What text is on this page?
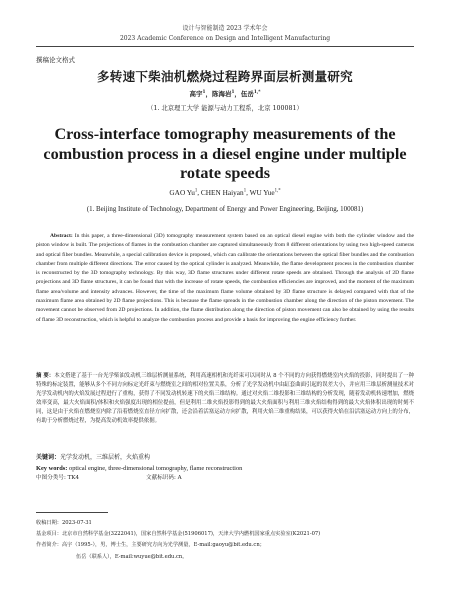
设计与智能制造 2023 学术年会
2023 Academic Conference on Design and Intelligent Manufacturing
撰稿论文格式
多转速下柴油机燃烧过程跨界面层析测量研究
高宇$^1$，陈海岩$^1$，伍岳$^{1,*}$
（1. 北京理工大学 能源与动力工程系，北京 100081）
Cross-interface tomography measurements of the combustion process in a diesel engine under multiple rotate speeds
GAO Yu$^1$, CHEN Haiyan$^1$, WU Yue$^{1,*}$
(1. Beijing Institute of Technology, Department of Energy and Power Engineering, Beijing, 100081)
Abstract: In this paper, a three-dimensional (3D) tomography measurement system based on an optical diesel engine with both the cylinder window and the piston window is built. The projections of flames in the combustion chamber are captured simultaneously from 8 different orientations by using two high-speed cameras and optical fiber bundles. Meanwhile, a special calibration device is proposed, which can calibrate the orientations between the optical fiber bundles and the combustion chamber from multiple different directions. The error caused by the optical cylinder is analyzed. Meanwhile, the flame development process in the combustion chamber is reconstructed by the 3D tomography technology. By this way, 3D flame structures under different rotate speeds are obtained. Through the analysis of 2D flame projections and 3D flame structures, it can be found that with the increase of rotate speeds, the combustion efficiencies are improved, and the moment of the maximum flame area/volume and intensity advances. However, the time of the maximum flame volume obtained by 3D flame structure is delayed compared with that of the maximum flame area obtained by 2D flame projections. This is because the flame spreads in the combustion chamber along the direction of the piston movement. The movement cannot be observed from 2D projections. In addition, the flame distribution along the direction of piston movement can also be obtained by using the results of flame 3D reconstruction, which is helpful to analyze the combustion process and provide a basis for improving the engine efficiency further.
摘 要：本文搭建了基于一台光学柴油发动机三维层析测量系统，利用高速相机和光纤束可以同时从 8 个不同的方向获得燃烧室内火焰的投影，同时提出了一种特殊的标定装置，能够从多个不同方向标定光纤束与燃烧室之间的相对位置关系，分析了光学发动机中由缸套曲面引起的误差大小，并应用三维层析测量技术对光学发动机内的火焰发展过程进行了重构，获得了不同发动机转速下的火焰三维结构。通过对火焰二维投影和三维结构的分析发现，随着发动机转速增加，燃烧效率变高，最大火焰面积/体积和火焰强度出现的相位提前，但是利用二维火焰投影得到的最大火焰面积与利用三维火焰结构得到的最大火焰体积出现的时刻不同，这是由于火焰在燃烧室内除了沿着燃烧室直径方向扩散，还会沿着活塞运动方向扩散，利用火焰三维重构结果，可以获得火焰在沿活塞运动方向上的分布，有助于分析燃烧过程，为提高发动机效率提供依据。
关键词：光学发动机，三维层析，火焰重构
Key words: optical engine, three-dimensional tomography, flame reconstruction
中图分类号: TK4	文献标识码: A
收稿日期：2023-07-31
基金项目：北京市自然科学基金(3222041)，国家自然科学基金(51906017)，天津大学内燃机国家重点实验室(K2021-07)
作者简介：高宇（1995-），男，博士生，主要研究方向为光学测量，E-mail:gaoyu@bit.edu.cn；
伍岳（联系人），E-mail:wuyue@bit.edu.cn。
